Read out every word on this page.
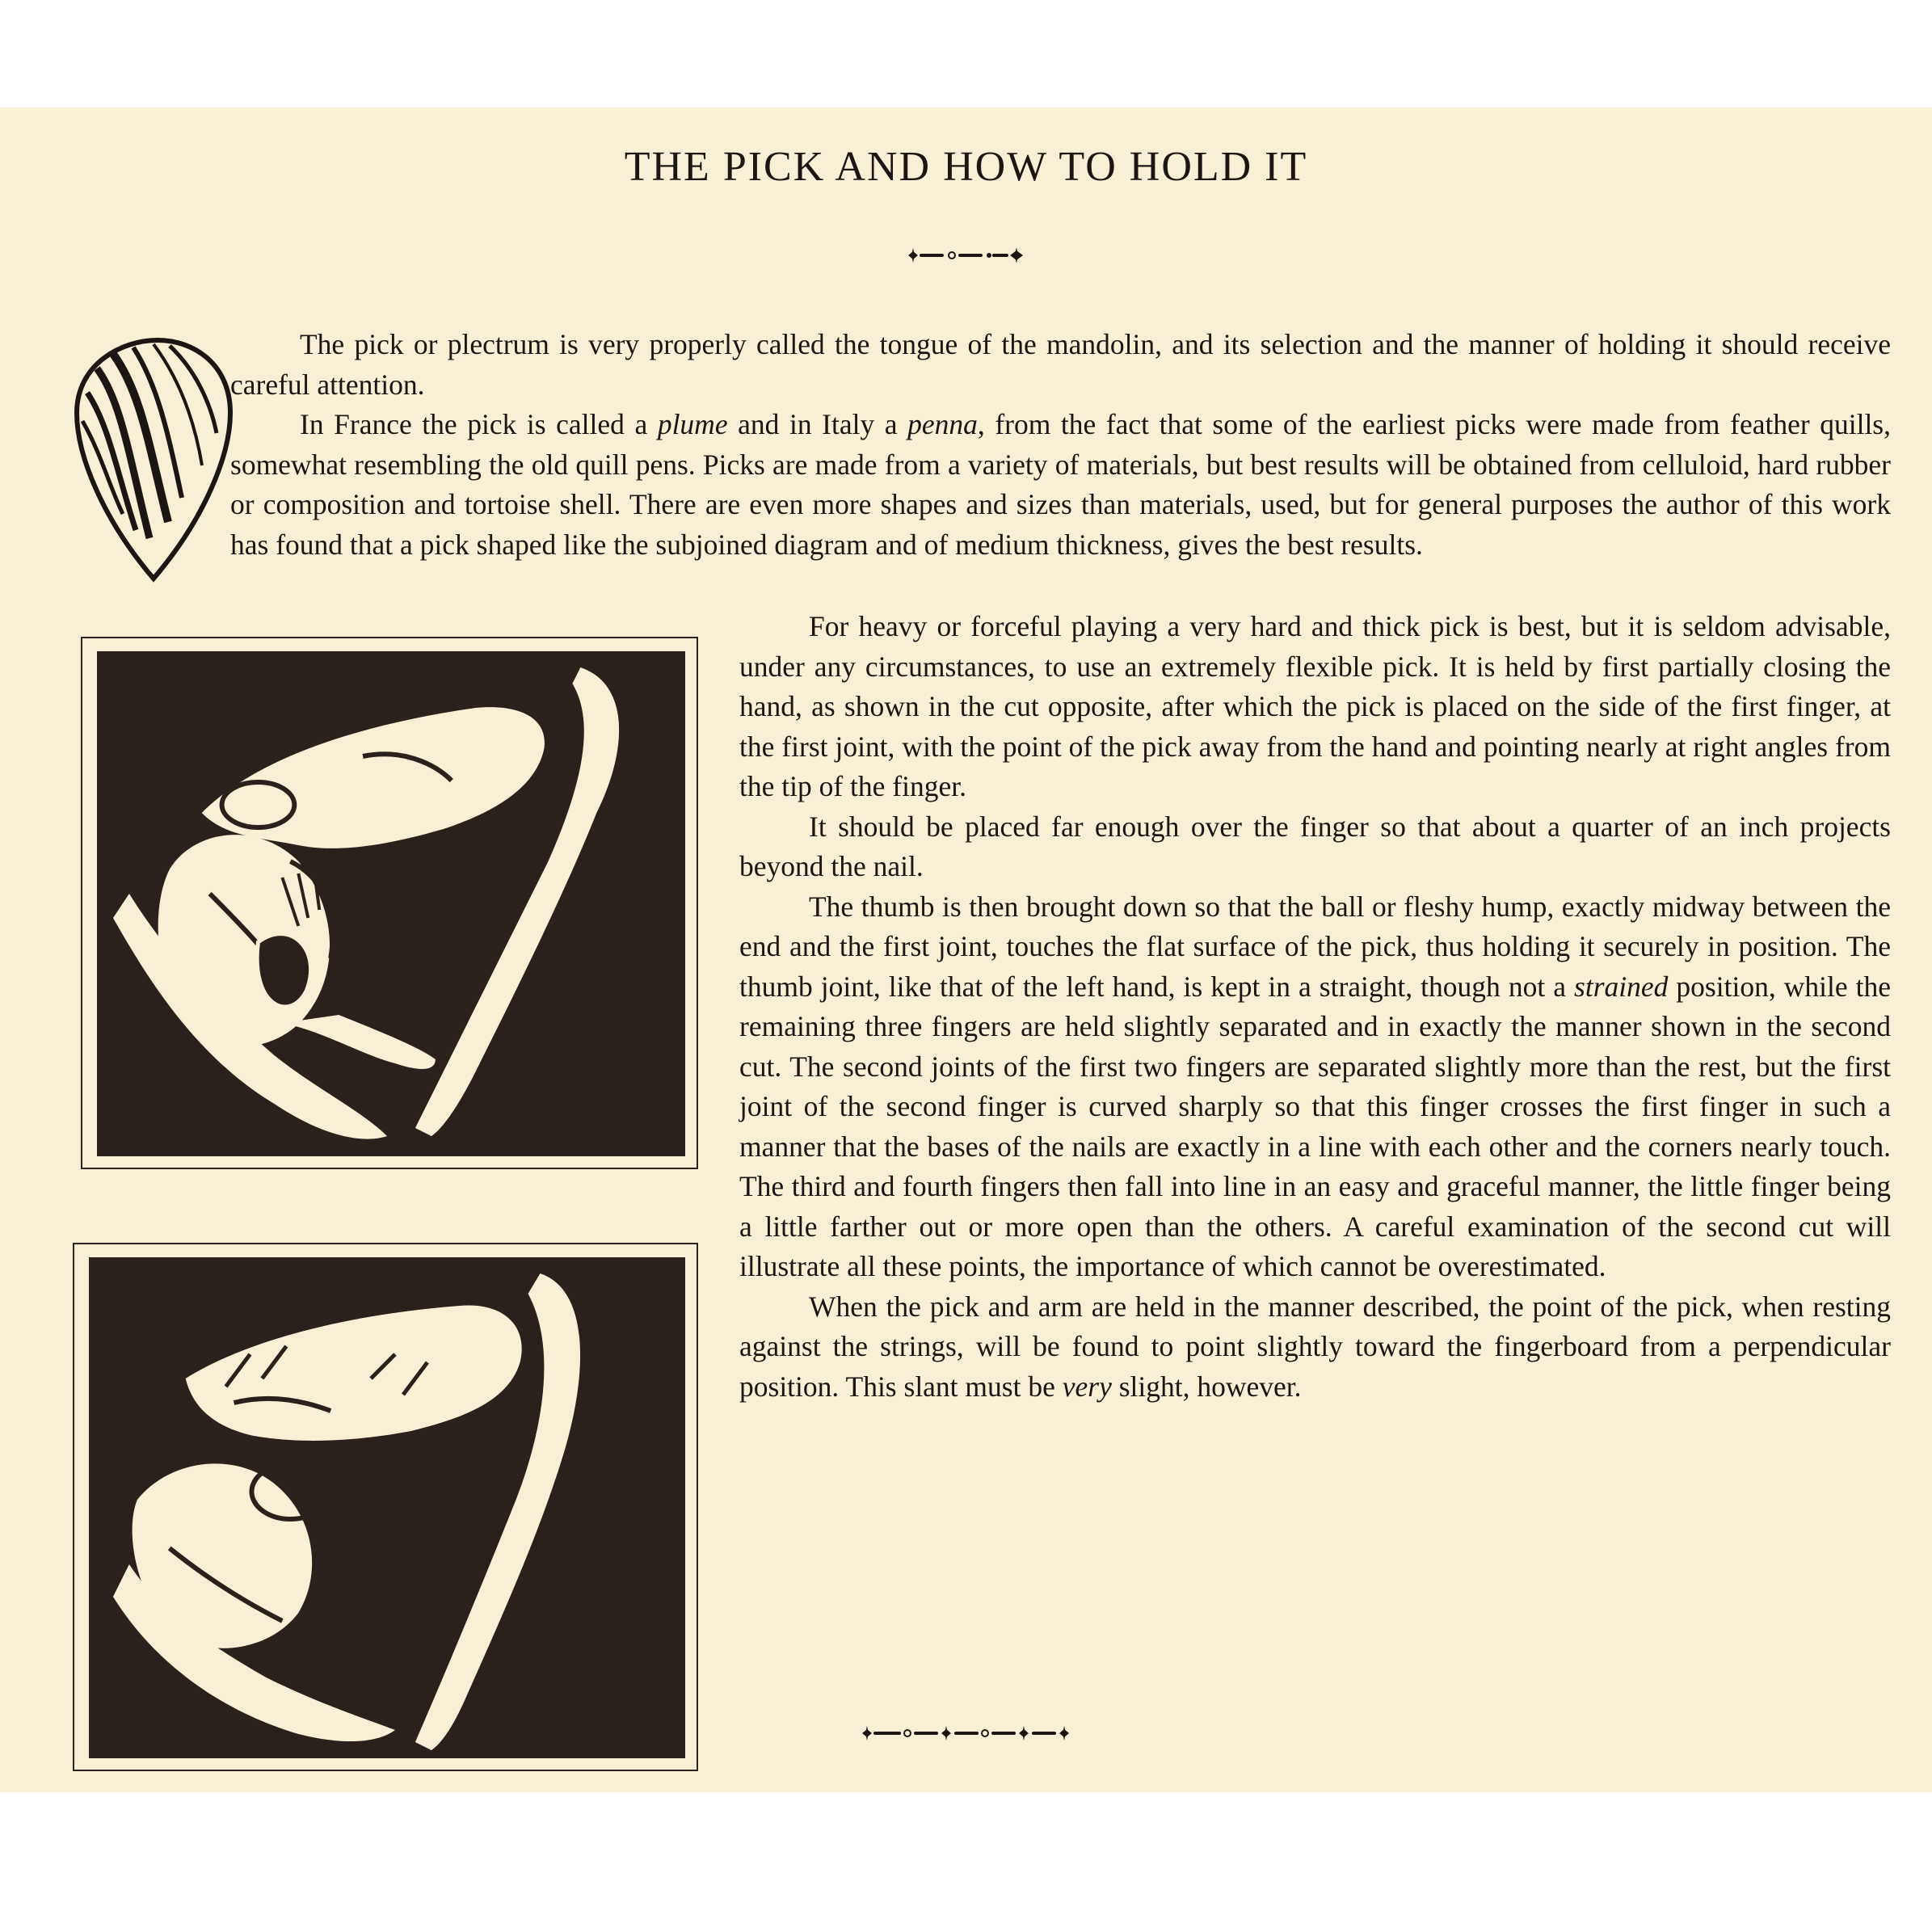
THE PICK AND HOW TO HOLD IT

The pick or plectrum is very properly called the tongue of the mandolin, and its selection and the manner of holding it should receive careful attention.

In France the pick is called a plume and in Italy a penna, from the fact that some of the earliest picks were made from feather quills, somewhat resembling the old quill pens. Picks are made from a variety of materials, but best results will be obtained from celluloid, hard rubber or composition and tortoise shell. There are even more shapes and sizes than materials, used, but for general purposes the author of this work has found that a pick shaped like the subjoined diagram and of medium thickness, gives the best results.

For heavy or forceful playing a very hard and thick pick is best, but it is seldom advisable, under any circumstances, to use an extremely flexible pick. It is held by first partially closing the hand, as shown in the cut opposite, after which the pick is placed on the side of the first finger, at the first joint, with the point of the pick away from the hand and pointing nearly at right angles from the tip of the finger.

It should be placed far enough over the finger so that about a quarter of an inch projects beyond the nail.

The thumb is then brought down so that the ball or fleshy hump, exactly midway between the end and the first joint, touches the flat surface of the pick, thus holding it securely in position. The thumb joint, like that of the left hand, is kept in a straight, though not a strained position, while the remaining three fingers are held slightly separated and in exactly the manner shown in the second cut. The second joints of the first two fingers are separated slightly more than the rest, but the first joint of the second finger is curved sharply so that this finger crosses the first finger in such a manner that the bases of the nails are exactly in a line with each other and the corners nearly touch. The third and fourth fingers then fall into line in an easy and graceful manner, the little finger being a little farther out or more open than the others. A careful examination of the second cut will illustrate all these points, the importance of which cannot be overestimated.

When the pick and arm are held in the manner described, the point of the pick, when resting against the strings, will be found to point slightly toward the fingerboard from a perpendicular position. This slant must be very slight, however.
